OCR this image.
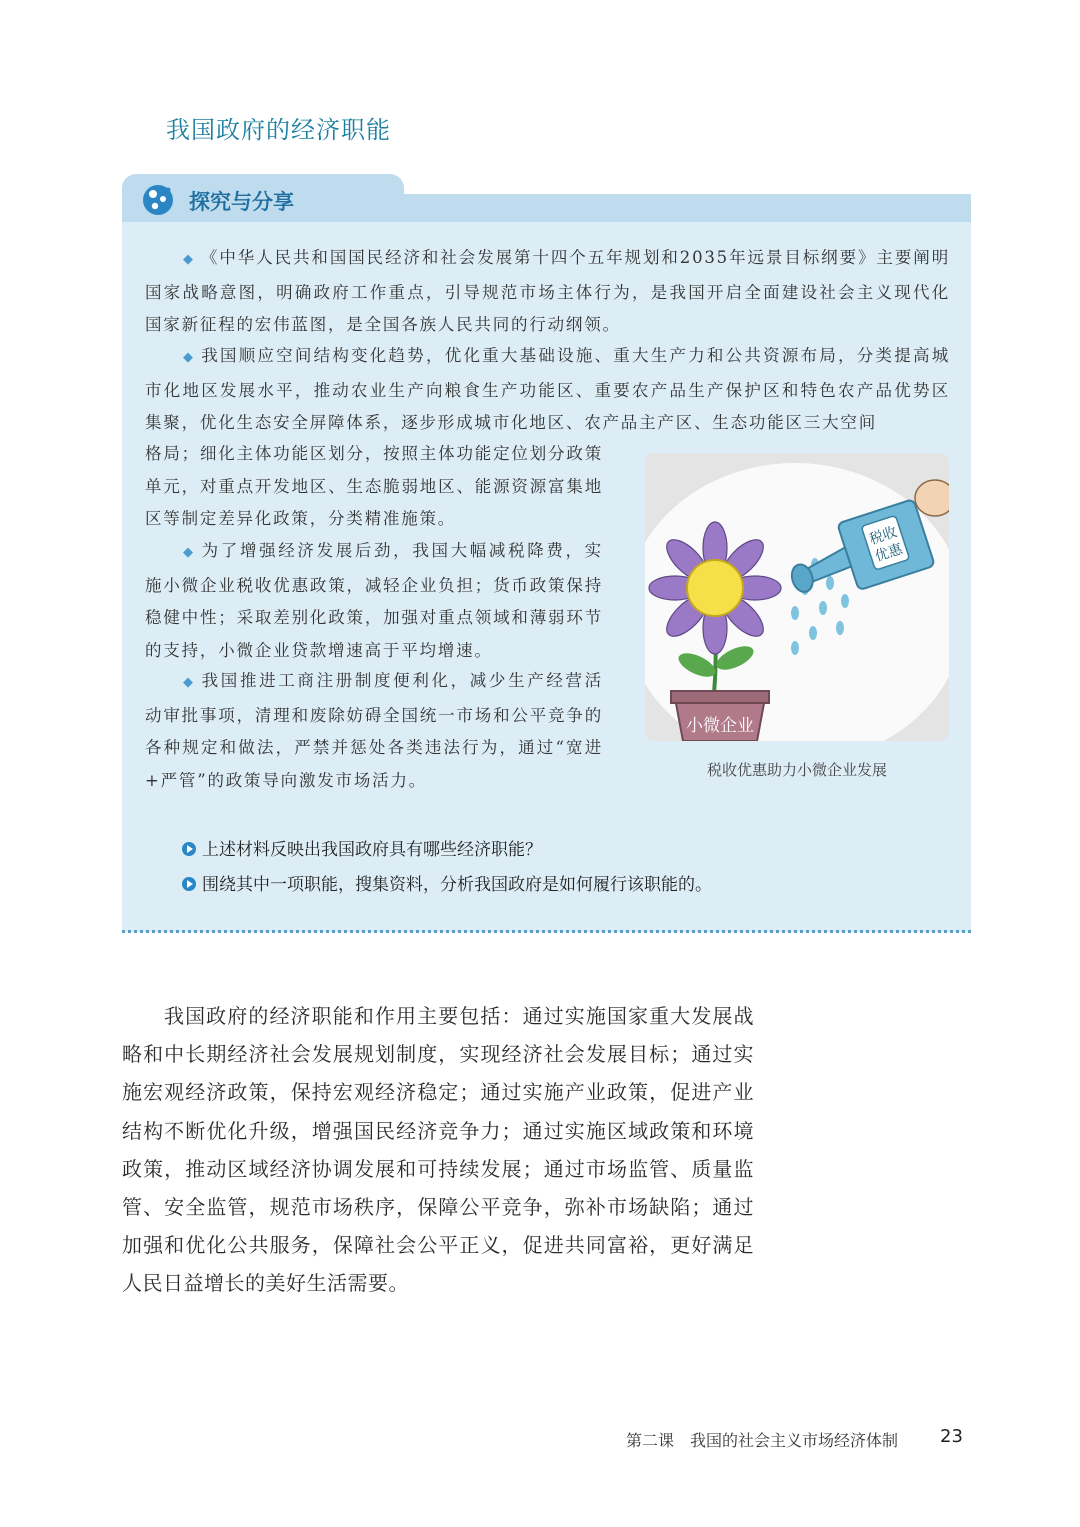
我国政府的经济职能
探究与分享
◆ 《中华人民共和国国民经济和社会发展第十四个五年规划和2035年远景目标纲要》主要阐明国家战略意图，明确政府工作重点，引导规范市场主体行为，是我国开启全面建设社会主义现代化国家新征程的宏伟蓝图，是全国各族人民共同的行动纲领。
◆ 我国顺应空间结构变化趋势，优化重大基础设施、重大生产力和公共资源布局，分类提高城市化地区发展水平，推动农业生产向粮食生产功能区、重要农产品生产保护区和特色农产品优势区集聚，优化生态安全屏障体系，逐步形成城市化地区、农产品主产区、生态功能区三大空间
格局；细化主体功能区划分，按照主体功能定位划分政策单元，对重点开发地区、生态脆弱地区、能源资源富集地区等制定差异化政策，分类精准施策。
◆ 为了增强经济发展后劲，我国大幅减税降费，实施小微企业税收优惠政策，减轻企业负担；货币政策保持稳健中性；采取差别化政策，加强对重点领域和薄弱环节的支持，小微企业贷款增速高于平均增速。
◆ 我国推进工商注册制度便利化，减少生产经营活动审批事项，清理和废除妨碍全国统一市场和公平竞争的各种规定和做法，严禁并惩处各类违法行为，通过“宽进+严管”的政策导向激发市场活力。
税收
优惠
小微企业
税收优惠助力小微企业发展
上述材料反映出我国政府具有哪些经济职能？
围绕其中一项职能，搜集资料，分析我国政府是如何履行该职能的。
我国政府的经济职能和作用主要包括：通过实施国家重大发展战略和中长期经济社会发展规划制度，实现经济社会发展目标；通过实施宏观经济政策，保持宏观经济稳定；通过实施产业政策，促进产业结构不断优化升级，增强国民经济竞争力；通过实施区域政策和环境政策，推动区域经济协调发展和可持续发展；通过市场监管、质量监管、安全监管，规范市场秩序，保障公平竞争，弥补市场缺陷；通过加强和优化公共服务，保障社会公平正义，促进共同富裕，更好满足人民日益增长的美好生活需要。
第二课　我国的社会主义市场经济体制 23
